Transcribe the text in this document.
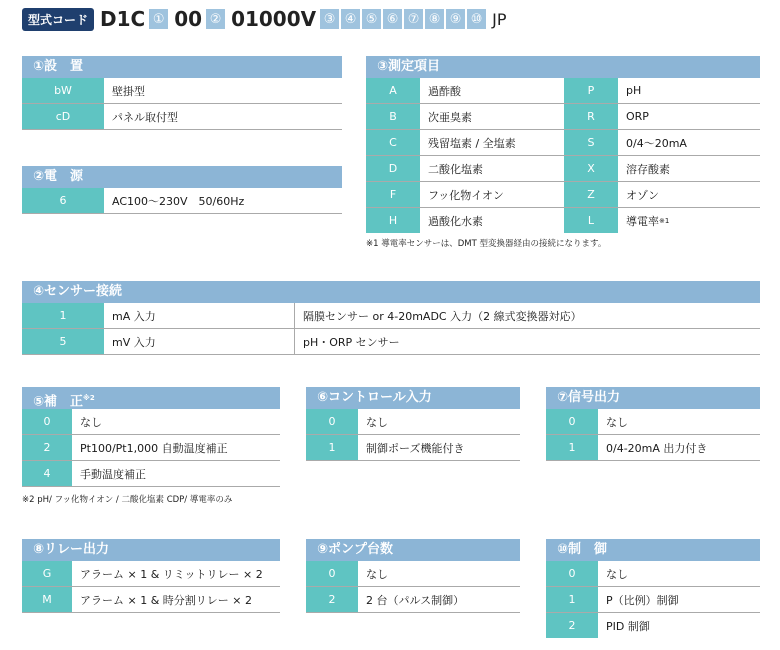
型式コード D1C ① 00 ② 01000V ③ ④ ⑤ ⑥ ⑦ ⑧ ⑨ ⑩ JP
①設　置
bW	壁掛型
cD	パネル取付型
②電　源
6	AC100～230V　50/60Hz
③測定項目
A	過酢酸	P	pH
B	次亜臭素	R	ORP
C	残留塩素 / 全塩素	S	0/4～20mA
D	二酸化塩素	X	溶存酸素
F	フッ化物イオン	Z	オゾン
H	過酸化水素	L	導電率 ※1
※1 導電率センサーは、DMT 型変換器経由の接続になります。
④センサー接続
1	mA 入力	隔膜センサー or 4-20mADC 入力（2 線式変換器対応）
5	mV 入力	pH・ORP センサー
⑤補　正$^{※2}$
0	なし
2	Pt100/Pt1,000 自動温度補正
4	手動温度補正
※2 pH/ フッ化物イオン / 二酸化塩素 CDP/ 導電率のみ
⑥コントロール入力
0	なし
1	制御ポーズ機能付き
⑦信号出力
0	なし
1	0/4-20mA 出力付き
⑧リレー出力
G	アラーム × 1 & リミットリレー × 2
M	アラーム × 1 & 時分割リレー × 2
⑨ポンプ台数
0	なし
2	2 台（パルス制御）
⑩制　御
0	なし
1	P（比例）制御
2	PID 制御
